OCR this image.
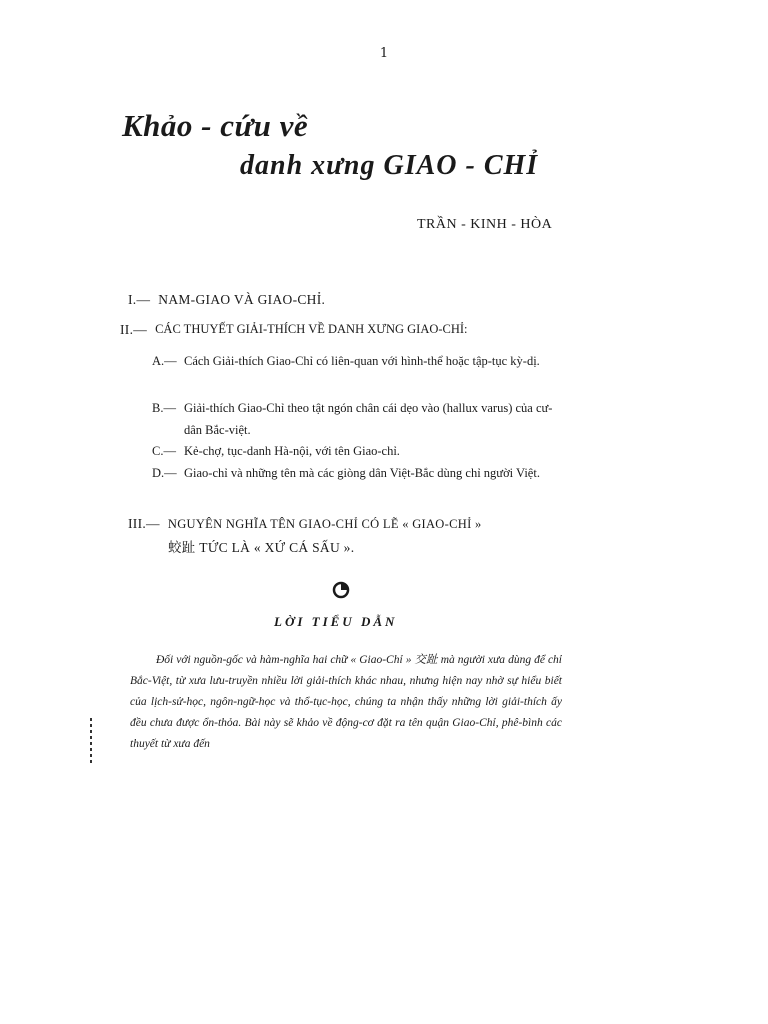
1
Khảo - cứu về
danh xưng GIAO - CHỈ
TRẦN - KINH - HÒA
I.— NAM-GIAO VÀ GIAO-CHỈ.
II.— CÁC THUYẾT GIẢI-THÍCH VỀ DANH XƯNG GIAO-CHỈ:
A.— Cách Giải-thích Giao-Chỉ có liên-quan với hình-thể hoặc tập-tục kỳ-dị.
B.— Giải-thích Giao-Chỉ theo tật ngón chân cái dẹo vào (hallux varus) của cư-dân Bắc-việt.
C.— Kẻ-chợ, tục-danh Hà-nội, với tên Giao-chỉ.
D.— Giao-chỉ và những tên mà các giòng dân Việt-Bắc dùng chỉ người Việt.
III.— NGUYÊN NGHĨA TÊN GIAO-CHỈ CÓ LẼ « GIAO-CHỈ »
蛟趾 TỨC LÀ « XỨ CÁ SẤU ».
LỜI TIỂU DẪN
Đối với nguồn-gốc và hàm-nghĩa hai chữ « Giao-Chỉ » 交趾 mà người xưa dùng để chỉ Bắc-Việt, từ xưa lưu-truyền nhiều lời giải-thích khác nhau, nhưng hiện nay nhờ sự hiểu biết của lịch-sử-học, ngôn-ngữ-học và thổ-tục-học, chúng ta nhận thấy những lời giải-thích ấy đều chưa được ổn-thỏa. Bài này sẽ khảo về động-cơ đặt ra tên quận Giao-Chỉ, phê-bình các thuyết từ xưa đến
